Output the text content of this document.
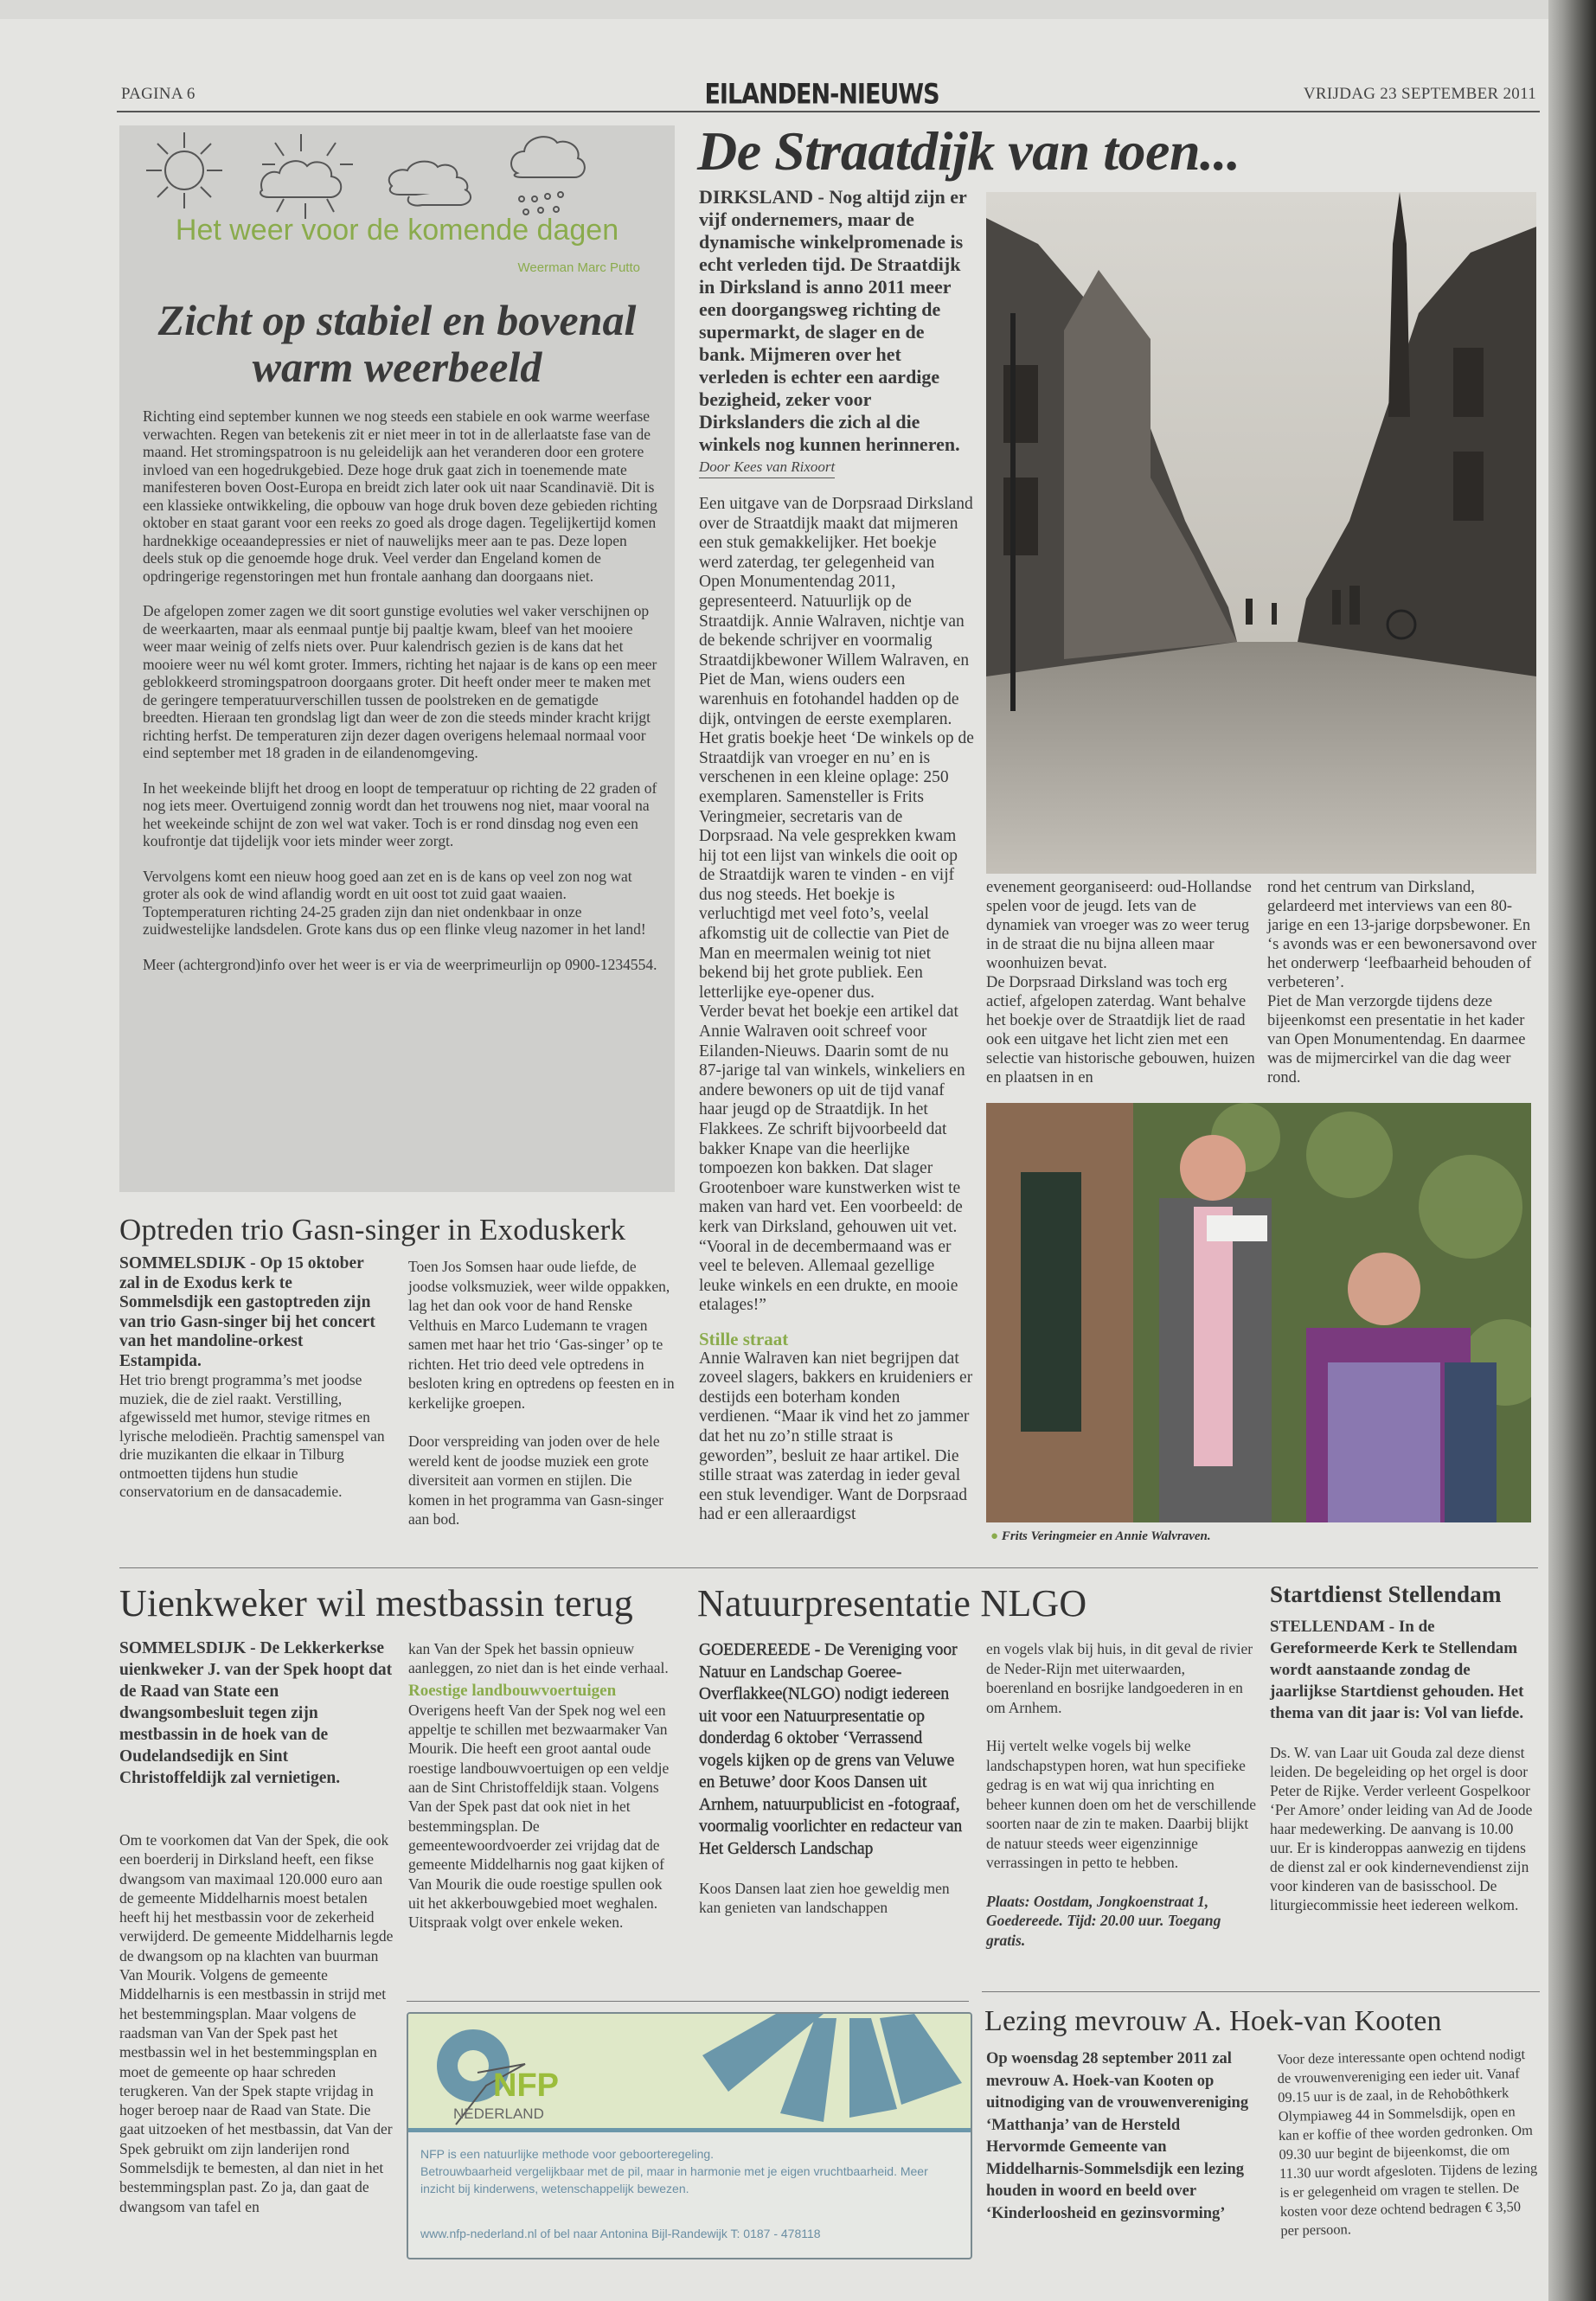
PAGINA 6	EILANDEN-NIEUWS	VRIJDAG 23 SEPTEMBER 2011
Het weer voor de komende dagen
Weerman Marc Putto
Zicht op stabiel en bovenal
warm weerbeeld

Richting eind september kunnen we nog steeds een stabiele en ook warme weerfase verwachten. Regen van betekenis zit er niet meer in tot in de allerlaatste fase van de maand. Het stromingspatroon is nu geleidelijk aan het veranderen door een grotere invloed van een hogedrukgebied. Deze hoge druk gaat zich in toenemende mate manifesteren boven Oost-Europa en breidt zich later ook uit naar Scandinavië. Dit is een klassieke ontwikkeling, die opbouw van hoge druk boven deze gebieden richting oktober en staat garant voor een reeks zo goed als droge dagen. Tegelijkertijd komen hardnekkige oceaandepressies er niet of nauwelijks meer aan te pas. Deze lopen deels stuk op die genoemde hoge druk. Veel verder dan Engeland komen de opdringerige regenstoringen met hun frontale aanhang dan doorgaans niet.

De afgelopen zomer zagen we dit soort gunstige evoluties wel vaker verschijnen op de weerkaarten, maar als eenmaal puntje bij paaltje kwam, bleef van het mooiere weer maar weinig of zelfs niets over. Puur kalendrisch gezien is de kans dat het mooiere weer nu wél komt groter. Immers, richting het najaar is de kans op een meer geblokkeerd stromingspatroon doorgaans groter. Dit heeft onder meer te maken met de geringere temperatuurverschillen tussen de poolstreken en de gematigde breedten. Hieraan ten grondslag ligt dan weer de zon die steeds minder kracht krijgt richting herfst. De temperaturen zijn dezer dagen overigens helemaal normaal voor eind september met 18 graden in de eilandenomgeving.

In het weekeinde blijft het droog en loopt de temperatuur op richting de 22 graden of nog iets meer. Overtuigend zonnig wordt dan het trouwens nog niet, maar vooral na het weekeinde schijnt de zon wel wat vaker. Toch is er rond dinsdag nog even een koufrontje dat tijdelijk voor iets minder weer zorgt.

Vervolgens komt een nieuw hoog goed aan zet en is de kans op veel zon nog wat groter als ook de wind aflandig wordt en uit oost tot zuid gaat waaien. Toptemperaturen richting 24-25 graden zijn dan niet ondenkbaar in onze zuidwestelijke landsdelen. Grote kans dus op een flinke vleug nazomer in het land!

Meer (achtergrond)info over het weer is er via de weerprimeurlijn op 0900-1234554.

De Straatdijk van toen...
DIRKSLAND - Nog altijd zijn er vijf ondernemers, maar de dynamische winkelpromenade is echt verleden tijd. De Straatdijk in Dirksland is anno 2011 meer een doorgangsweg richting de supermarkt, de slager en de bank. Mijmeren over het verleden is echter een aardige bezigheid, zeker voor Dirkslanders die zich al die winkels nog kunnen herinneren.
Door Kees van Rixoort

Een uitgave van de Dorpsraad Dirksland over de Straatdijk maakt dat mijmeren een stuk gemakkelijker. Het boekje werd zaterdag, ter gelegenheid van Open Monumentendag 2011, gepresenteerd. Natuurlijk op de Straatdijk. Annie Walraven, nichtje van de bekende schrijver en voormalig Straatdijkbewoner Willem Walraven, en Piet de Man, wiens ouders een warenhuis en fotohandel hadden op de dijk, ontvingen de eerste exemplaren.

Het gratis boekje heet ‘De winkels op de Straatdijk van vroeger en nu’ en is verschenen in een kleine oplage: 250 exemplaren. Samensteller is Frits Veringmeier, secretaris van de Dorpsraad. Na vele gesprekken kwam hij tot een lijst van winkels die ooit op de Straatdijk waren te vinden - en vijf dus nog steeds. Het boekje is verluchtigd met veel foto’s, veelal afkomstig uit de collectie van Piet de Man en meermalen weinig tot niet bekend bij het grote publiek. Een letterlijke eye-opener dus.

Verder bevat het boekje een artikel dat Annie Walraven ooit schreef voor Eilanden-Nieuws. Daarin somt de nu 87-jarige tal van winkels, winkeliers en andere bewoners op uit de tijd vanaf haar jeugd op de Straatdijk. In het Flakkees. Ze schrift bijvoorbeeld dat bakker Knape van die heerlijke tompoezen kon bakken. Dat slager Grootenboer ware kunstwerken wist te maken van hard vet. Een voorbeeld: de kerk van Dirksland, gehouwen uit vet. “Vooral in de decembermaand was er veel te beleven. Allemaal gezellige leuke winkels en een drukte, en mooie etalages!”

Stille straat

Annie Walraven kan niet begrijpen dat zoveel slagers, bakkers en kruideniers er destijds een boterham konden verdienen. “Maar ik vind het zo jammer dat het nu zo’n stille straat is geworden”, besluit ze haar artikel. Die stille straat was zaterdag in ieder geval een stuk levendiger. Want de Dorpsraad had er een alleraardigst

evenement georganiseerd: oud-Hollandse spelen voor de jeugd. Iets van de dynamiek van vroeger was zo weer terug in de straat die nu bijna alleen maar woonhuizen bevat.

De Dorpsraad Dirksland was toch erg actief, afgelopen zaterdag. Want behalve het boekje over de Straatdijk liet de raad ook een uitgave het licht zien met een selectie van historische gebouwen, huizen en plaatsen in en

rond het centrum van Dirksland, gelardeerd met interviews van een 80-jarige en een 13-jarige dorpsbewoner. En ‘s avonds was er een bewonersavond over het onderwerp ‘leefbaarheid behouden of verbeteren’.

Piet de Man verzorgde tijdens deze bijeenkomst een presentatie in het kader van Open Monumentendag. En daarmee was de mijmercirkel van die dag weer rond.

● Frits Veringmeier en Annie Walvraven.
Optreden trio Gasn-singer in Exoduskerk

SOMMELSDIJK - Op 15 oktober zal in de Exodus kerk te Sommelsdijk een gastoptreden zijn van trio Gasn-singer bij het concert van het mandoline-orkest Estampida.

Het trio brengt programma’s met joodse muziek, die de ziel raakt. Verstilling, afgewisseld met humor, stevige ritmes en lyrische melodieën. Prachtig samenspel van drie muzikanten die elkaar in Tilburg ontmoetten tijdens hun studie conservatorium en de dansacademie.

Toen Jos Somsen haar oude liefde, de joodse volksmuziek, weer wilde oppakken, lag het dan ook voor de hand Renske Velthuis en Marco Ludemann te vragen samen met haar het trio ‘Gas-singer’ op te richten. Het trio deed vele optredens in besloten kring en optredens op feesten en in kerkelijke groepen.

Door verspreiding van joden over de hele wereld kent de joodse muziek een grote diversiteit aan vormen en stijlen. Die komen in het programma van Gasn-singer aan bod.

Uienkweker wil mestbassin terug

SOMMELSDIJK - De Lekkerkerkse uienkweker J. van der Spek hoopt dat de Raad van State een dwangsombesluit tegen zijn mestbassin in de hoek van de Oudelandsedijk en Sint Christoffeldijk zal vernietigen.

Om te voorkomen dat Van der Spek, die ook een boerderij in Dirksland heeft, een fikse dwangsom van maximaal 120.000 euro aan de gemeente Middelharnis moest betalen heeft hij het mestbassin voor de zekerheid verwijderd. De gemeente Middelharnis legde de dwangsom op na klachten van buurman Van Mourik. Volgens de gemeente Middelharnis is een mestbassin in strijd met het bestemmingsplan. Maar volgens de raadsman van Van der Spek past het mestbassin wel in het bestemmingsplan en moet de gemeente op haar schreden terugkeren. Van der Spek stapte vrijdag in hoger beroep naar de Raad van State. Die gaat uitzoeken of het mestbassin, dat Van der Spek gebruikt om zijn landerijen rond Sommelsdijk te bemesten, al dan niet in het bestemmingsplan past. Zo ja, dan gaat de dwangsom van tafel en

kan Van der Spek het bassin opnieuw aanleggen, zo niet dan is het einde verhaal.

Roestige landbouwvoertuigen

Overigens heeft Van der Spek nog wel een appeltje te schillen met bezwaarmaker Van Mourik. Die heeft een groot aantal oude roestige landbouwvoertuigen op een veldje aan de Sint Christoffeldijk staan. Volgens Van der Spek past dat ook niet in het bestemmingsplan. De gemeentewoordvoerder zei vrijdag dat de gemeente Middelharnis nog gaat kijken of Van Mourik die oude roestige spullen ook uit het akkerbouwgebied moet weghalen. Uitspraak volgt over enkele weken.

NFP
NEDERLAND

NFP is een natuurlijke methode voor geboorteregeling.

Betrouwbaarheid vergelijkbaar met de pil, maar in harmonie met je eigen vruchtbaarheid. Meer inzicht bij kinderwens, wetenschappelijk bewezen.

www.nfp-nederland.nl of bel naar Antonina Bijl-Randewijk T: 0187 - 478118
Natuurpresentatie NLGO

GOEDEREEDE - De Vereniging voor Natuur en Landschap Goeree-Overflakkee(NLGO) nodigt iedereen uit voor een Natuurpresentatie op donderdag 6 oktober ‘Verrassend vogels kijken op de grens van Veluwe en Betuwe’ door Koos Dansen uit Arnhem, natuurpublicist en -fotograaf, voormalig voorlichter en redacteur van Het Geldersch Landschap

Koos Dansen laat zien hoe geweldig men kan genieten van landschappen

en vogels vlak bij huis, in dit geval de rivier de Neder-Rijn met uiterwaarden, boerenland en bosrijke landgoederen in en om Arnhem.

Hij vertelt welke vogels bij welke landschapstypen horen, wat hun specifieke gedrag is en wat wij qua inrichting en beheer kunnen doen om het de verschillende soorten naar de zin te maken. Daarbij blijkt de natuur steeds weer eigenzinnige verrassingen in petto te hebben.

Plaats: Oostdam, Jongkoenstraat 1, Goedereede. Tijd: 20.00 uur. Toegang gratis.

Startdienst Stellendam

STELLENDAM - In de Gereformeerde Kerk te Stellendam wordt aanstaande zondag de jaarlijkse Startdienst gehouden. Het thema van dit jaar is: Vol van liefde.

Ds. W. van Laar uit Gouda zal deze dienst leiden. De begeleiding op het orgel is door Peter de Rijke. Verder verleent Gospelkoor ‘Per Amore’ onder leiding van Ad de Joode haar medewerking. De aanvang is 10.00 uur. Er is kinderoppas aanwezig en tijdens de dienst zal er ook kindernevendienst zijn voor kinderen van de basisschool. De liturgiecommissie heet iedereen welkom.

Lezing mevrouw A. Hoek-van Kooten
Op woensdag 28 september 2011 zal mevrouw A. Hoek-van Kooten op uitnodiging van de vrouwenvereniging ‘Matthanja’ van de Hersteld Hervormde Gemeente van Middelharnis-Sommelsdijk een lezing houden in woord en beeld over ‘Kinderloosheid en gezinsvorming’
Voor deze interessante open ochtend nodigt de vrouwenvereniging een ieder uit. Vanaf 09.15 uur is de zaal, in de Rehobôthkerk Olympiaweg 44 in Sommelsdijk, open en kan er koffie of thee worden gedronken. Om 09.30 uur begint de bijeenkomst, die om 11.30 uur wordt afgesloten. Tijdens de lezing is er gelegenheid om vragen te stellen. De kosten voor deze ochtend bedragen € 3,50 per persoon.
